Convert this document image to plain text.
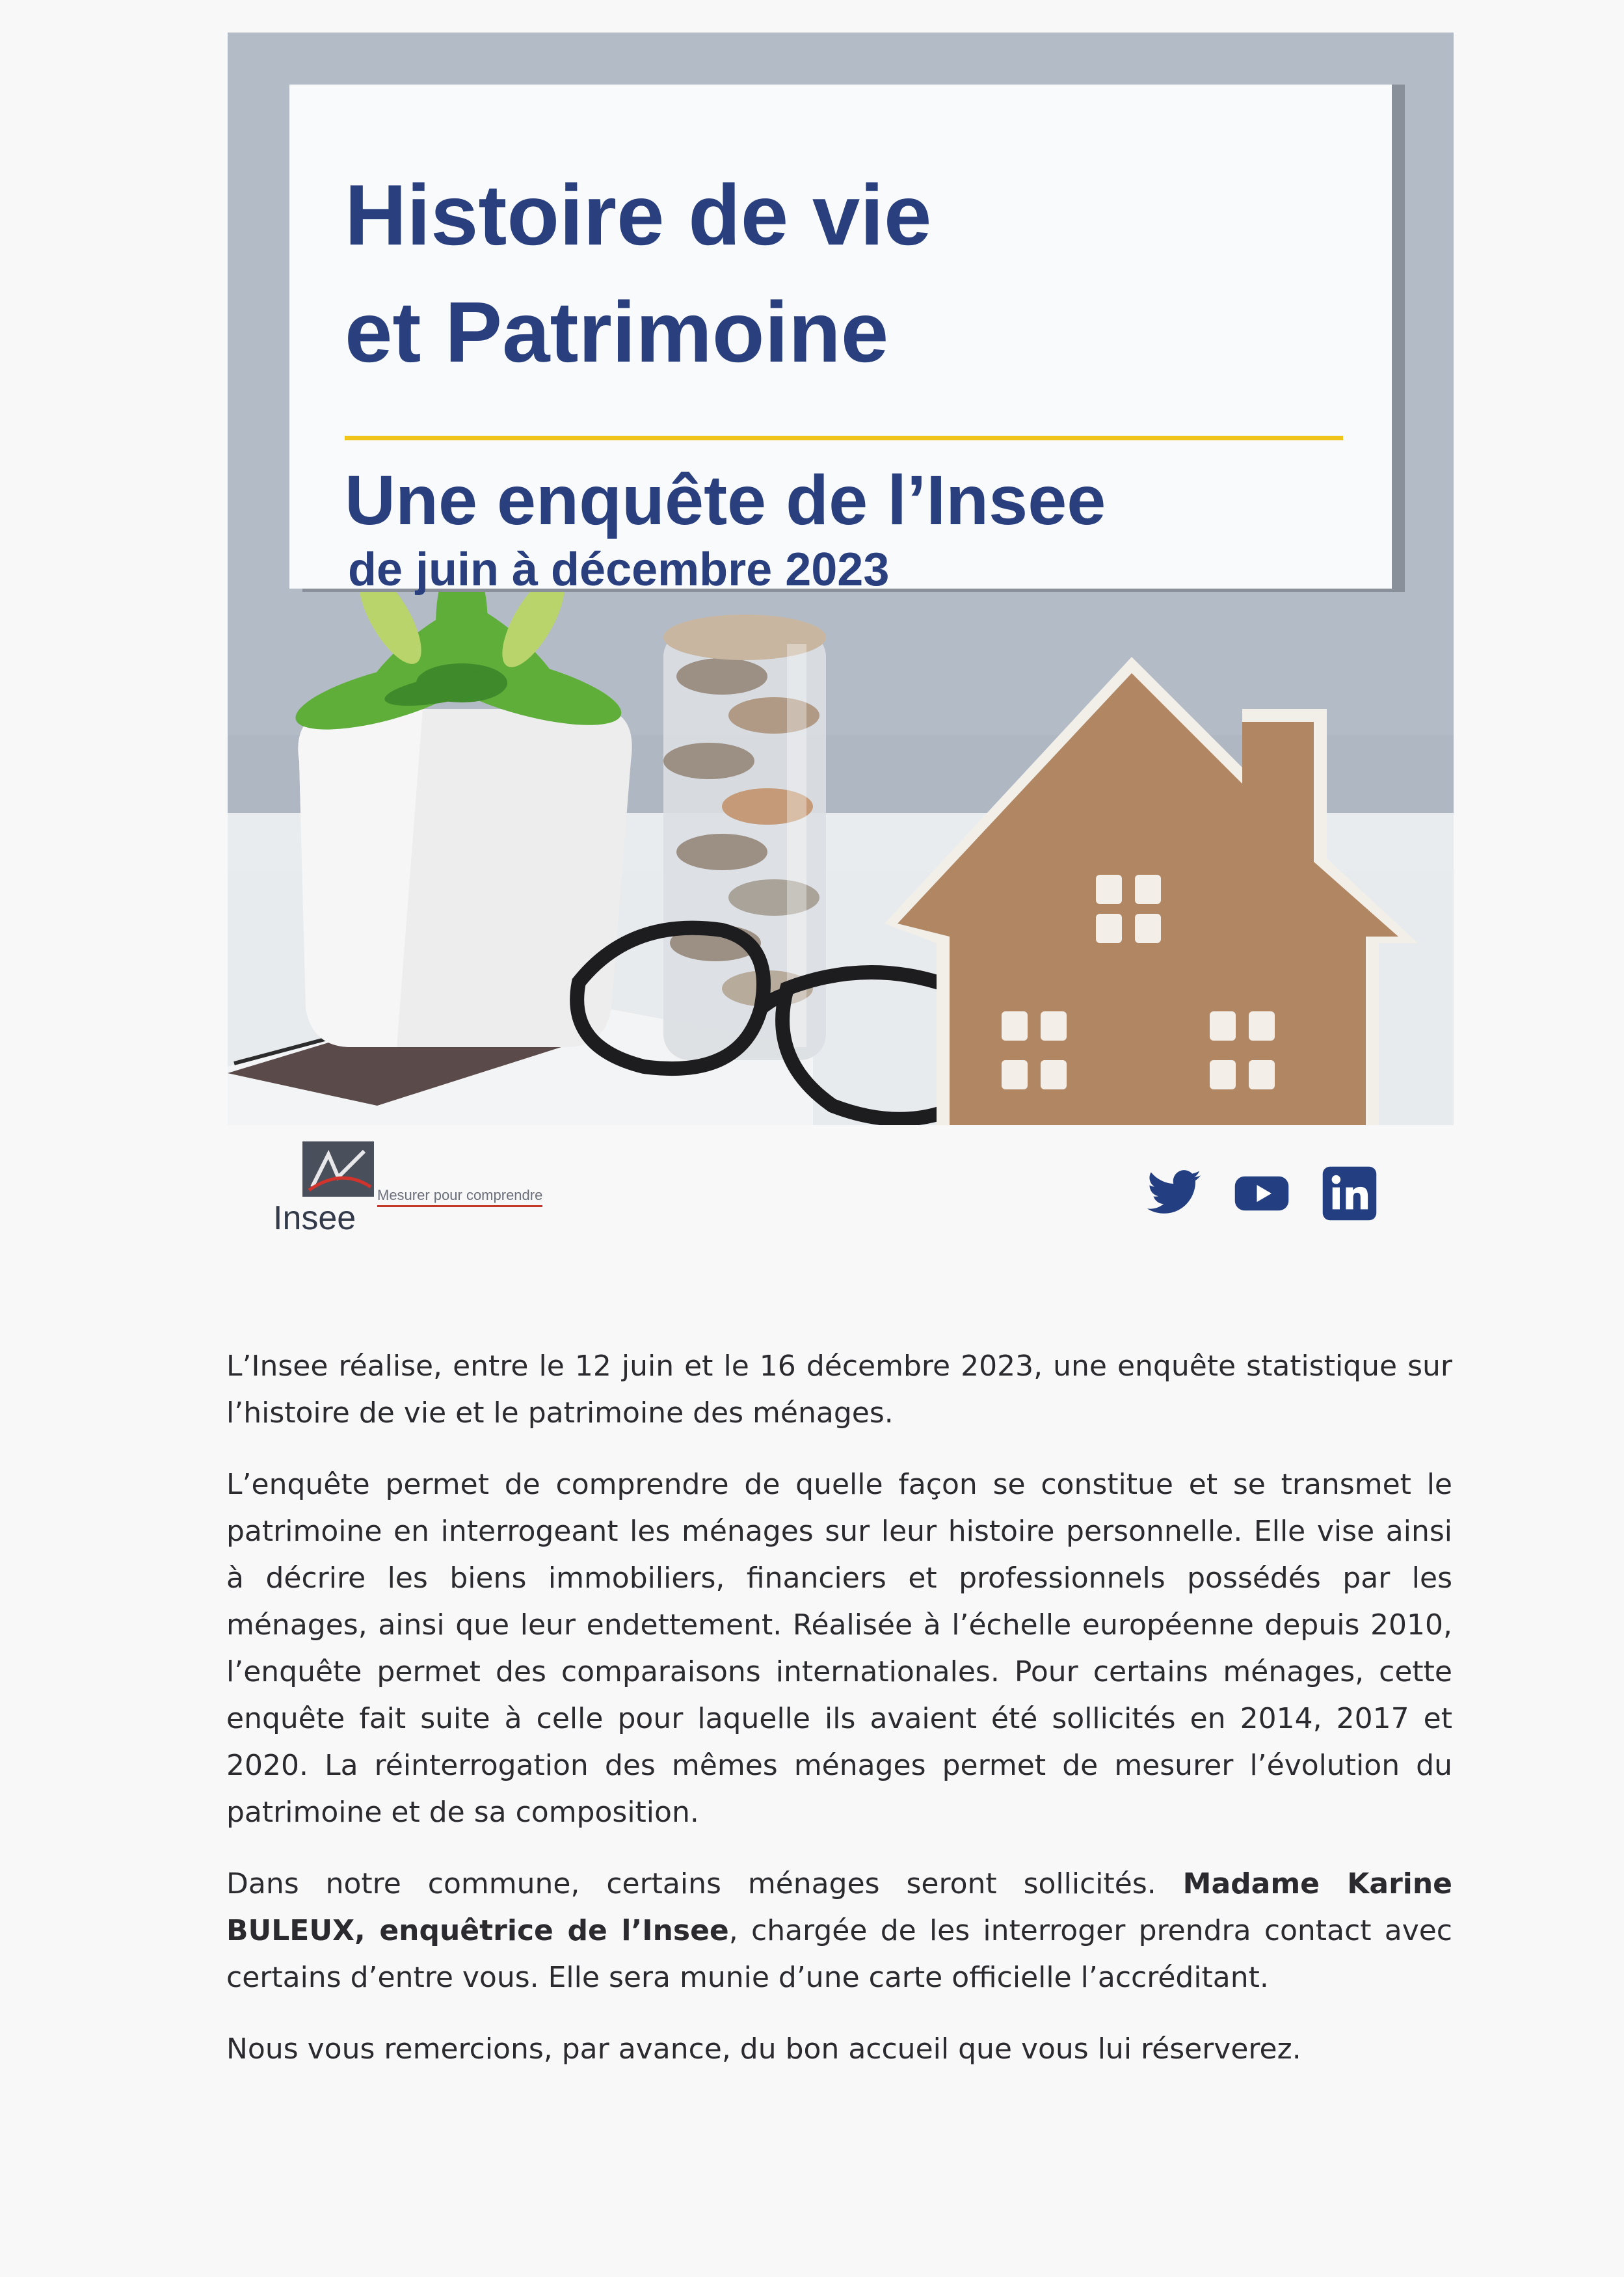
Histoire de vie
et Patrimoine
Une enquête de l’Insee
de juin à décembre 2023
Insee
Mesurer pour comprendre

L’Insee réalise, entre le 12 juin et le 16 décembre 2023, une enquête statistique sur l’histoire de vie et le patrimoine des ménages.

L’enquête permet de comprendre de quelle façon se constitue et se transmet le patrimoine en interrogeant les ménages sur leur histoire personnelle. Elle vise ainsi à décrire les biens immobiliers, financiers et professionnels possédés par les ménages, ainsi que leur endettement. Réalisée à l’échelle européenne depuis 2010, l’enquête permet des comparaisons internationales. Pour certains ménages, cette enquête fait suite à celle pour laquelle ils avaient été sollicités en 2014, 2017 et 2020. La réinterrogation des mêmes ménages permet de mesurer l’évolution du patrimoine et de sa composition.

Dans notre commune, certains ménages seront sollicités. Madame Karine BULEUX, enquêtrice de l’Insee, chargée de les interroger prendra contact avec certains d’entre vous. Elle sera munie d’une carte officielle l’accréditant.

Nous vous remercions, par avance, du bon accueil que vous lui réserverez.
